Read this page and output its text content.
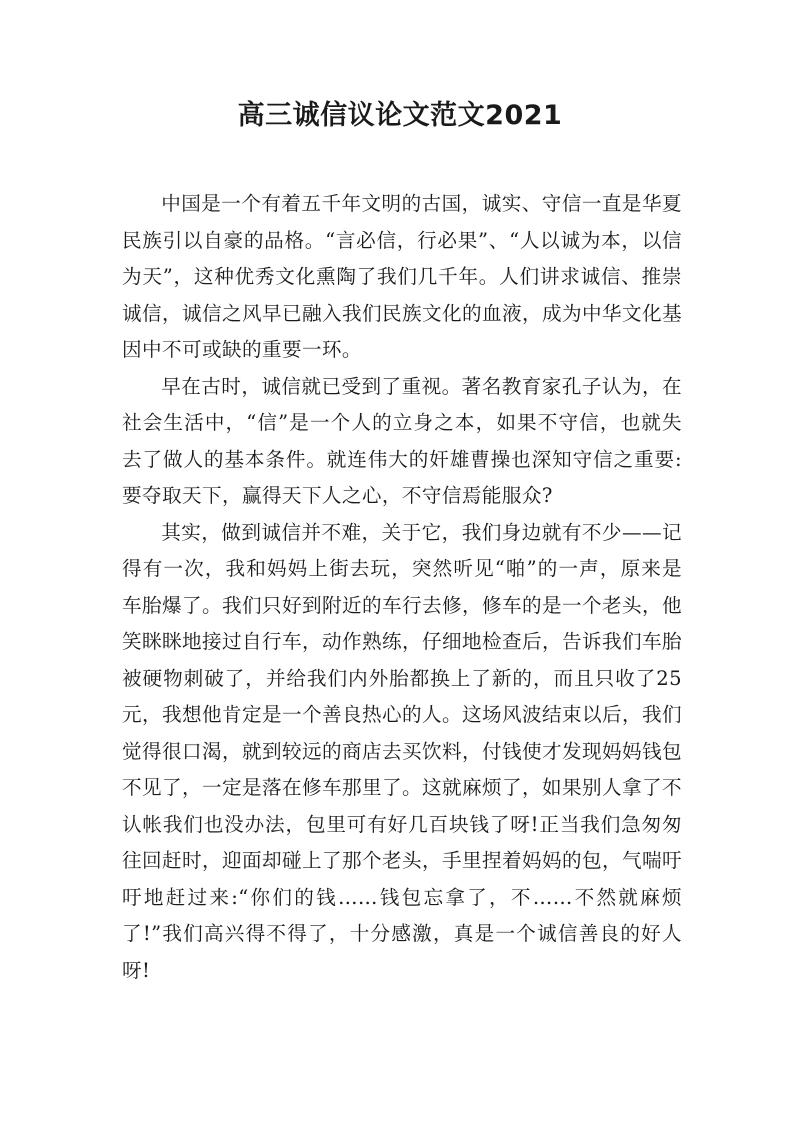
高三诚信议论文范文2021

中国是一个有着五千年文明的古国，诚实、守信一直是华夏民族引以自豪的品格。“言必信，行必果”、“人以诚为本，以信为天”，这种优秀文化熏陶了我们几千年。人们讲求诚信、推崇诚信，诚信之风早已融入我们民族文化的血液，成为中华文化基因中不可或缺的重要一环。

早在古时，诚信就已受到了重视。著名教育家孔子认为，在社会生活中，“信”是一个人的立身之本，如果不守信，也就失去了做人的基本条件。就连伟大的奸雄曹操也深知守信之重要:要夺取天下，赢得天下人之心，不守信焉能服众?

其实，做到诚信并不难，关于它，我们身边就有不少——记得有一次，我和妈妈上街去玩，突然听见“啪”的一声，原来是车胎爆了。我们只好到附近的车行去修，修车的是一个老头，他笑眯眯地接过自行车，动作熟练，仔细地检查后，告诉我们车胎被硬物刺破了，并给我们内外胎都换上了新的，而且只收了25元，我想他肯定是一个善良热心的人。这场风波结束以后，我们觉得很口渴，就到较远的商店去买饮料，付钱使才发现妈妈钱包不见了，一定是落在修车那里了。这就麻烦了，如果别人拿了不认帐我们也没办法，包里可有好几百块钱了呀!正当我们急匆匆往回赶时，迎面却碰上了那个老头，手里捏着妈妈的包，气喘吁吁地赶过来:“你们的钱……钱包忘拿了，不……不然就麻烦了!”我们高兴得不得了，十分感激，真是一个诚信善良的好人呀!
